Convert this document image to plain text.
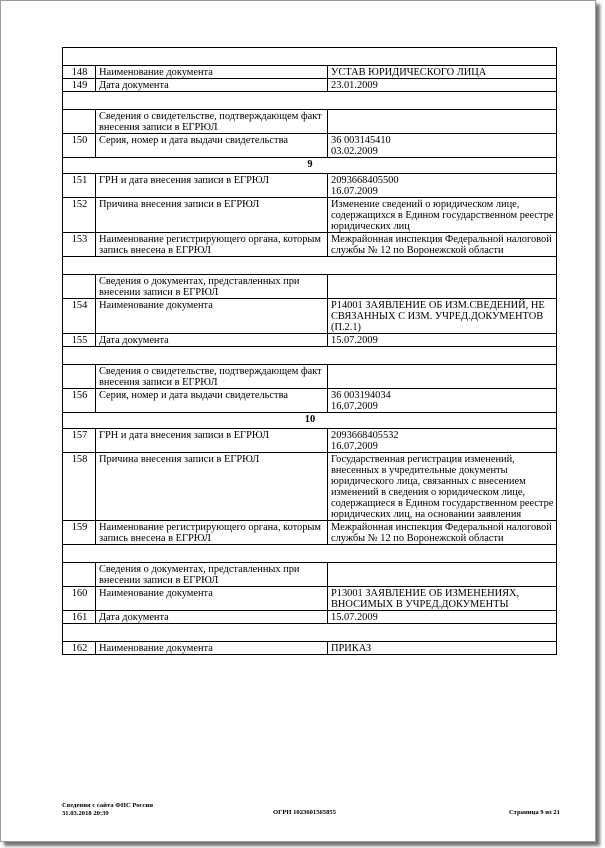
148	Наименование документа	УСТАВ ЮРИДИЧЕСКОГО ЛИЦА

149	Дата документа	23.01.2009

	Сведения о свидетельстве, подтверждающем факт внесения записи в ЕГРЮЛ	
150	Серия, номер и дата выдачи свидетельства	36 003145410
03.02.2009

9		
151	ГРН и дата внесения записи в ЕГРЮЛ	2093668405500
16.07.2009

152	Причина внесения записи в ЕГРЮЛ	Изменение сведений о юридическом лице, содержащихся в Едином государственном реестре юридических лиц

153	Наименование регистрирующего органа, которым запись внесена в ЕГРЮЛ	Межрайонная инспекция Федеральной налоговой службы № 12 по Воронежской области

	Сведения о документах, представленных при внесении записи в ЕГРЮЛ	
154	Наименование документа	Р14001 ЗАЯВЛЕНИЕ ОБ ИЗМ.СВЕДЕНИЙ, НЕ СВЯЗАННЫХ С ИЗМ. УЧРЕД.ДОКУМЕНТОВ (П.2.1)

155	Дата документа	15.07.2009

	Сведения о свидетельстве, подтверждающем факт внесения записи в ЕГРЮЛ	
156	Серия, номер и дата выдачи свидетельства	36 003194034
16.07.2009

10		
157	ГРН и дата внесения записи в ЕГРЮЛ	2093668405532
16.07.2009

158	Причина внесения записи в ЕГРЮЛ	Государственная регистрация изменений, внесенных в учредительные документы юридического лица, связанных с внесением изменений в сведения о юридическом лице, содержащиеся в Едином государственном реестре юридических лиц, на основании заявления

159	Наименование регистрирующего органа, которым запись внесена в ЕГРЮЛ	Межрайонная инспекция Федеральной налоговой службы № 12 по Воронежской области

	Сведения о документах, представленных при внесении записи в ЕГРЮЛ	
160	Наименование документа	Р13001 ЗАЯВЛЕНИЕ ОБ ИЗМЕНЕНИЯХ, ВНОСИМЫХ В УЧРЕД.ДОКУМЕНТЫ

161	Дата документа	15.07.2009

162	Наименование документа	ПРИКАЗ
Сведения с сайта ФНС России
31.03.2018 20:39	ОГРН 1023601565855	Страница 9 из 21
